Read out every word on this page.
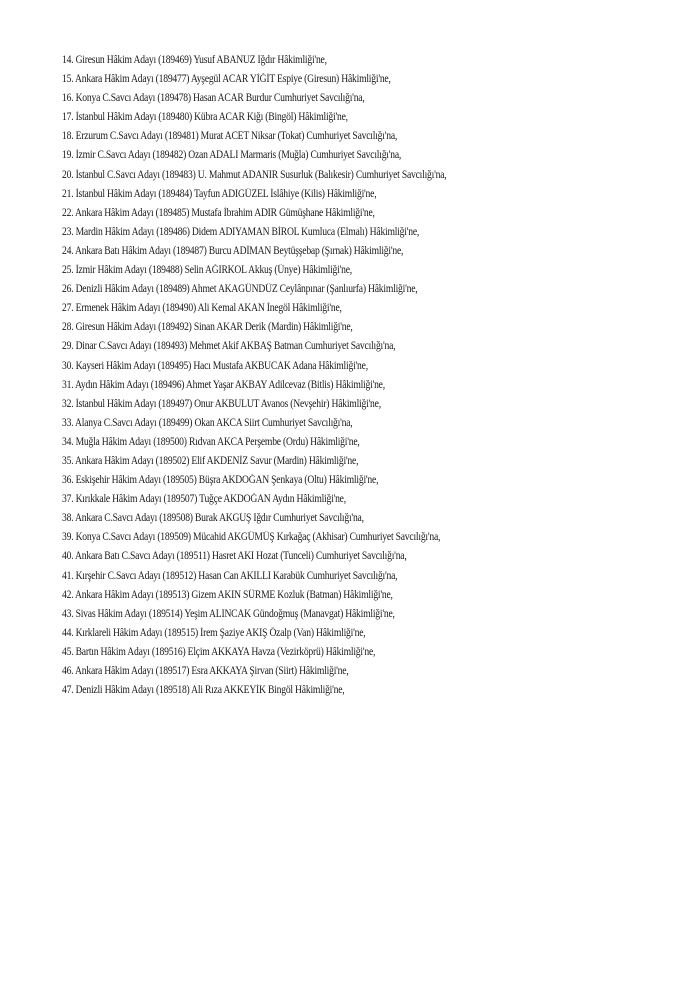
14. Giresun Hâkim Adayı (189469) Yusuf ABANUZ Iğdır Hâkimliği'ne,
15. Ankara Hâkim Adayı (189477) Ayşegül ACAR YİĞİT Espiye (Giresun) Hâkimliği'ne,
16. Konya C.Savcı Adayı (189478) Hasan ACAR Burdur Cumhuriyet Savcılığı'na,
17. İstanbul Hâkim Adayı (189480) Kübra ACAR Kiğı (Bingöl) Hâkimliği'ne,
18. Erzurum C.Savcı Adayı (189481) Murat ACET Niksar (Tokat) Cumhuriyet Savcılığı'na,
19. İzmir C.Savcı Adayı (189482) Ozan ADALI Marmaris (Muğla) Cumhuriyet Savcılığı'na,
20. İstanbul C.Savcı Adayı (189483) U. Mahmut ADANIR Susurluk (Balıkesir) Cumhuriyet Savcılığı'na,
21. İstanbul Hâkim Adayı (189484) Tayfun ADIGÜZEL İslâhiye (Kilis) Hâkimliği'ne,
22. Ankara Hâkim Adayı (189485) Mustafa İbrahim ADIR Gümüşhane Hâkimliği'ne,
23. Mardin Hâkim Adayı (189486) Didem ADIYAMAN BİROL Kumluca (Elmalı) Hâkimliği'ne,
24. Ankara Batı Hâkim Adayı (189487) Burcu ADİMAN Beytüşşebap (Şırnak) Hâkimliği'ne,
25. İzmir Hâkim Adayı (189488) Selin AĞIRKOL Akkuş (Ünye) Hâkimliği'ne,
26. Denizli Hâkim Adayı (189489) Ahmet AKAGÜNDÜZ Ceylânpınar (Şanlıurfa) Hâkimliği'ne,
27. Ermenek Hâkim Adayı (189490) Ali Kemal AKAN İnegöl Hâkimliği'ne,
28. Giresun Hâkim Adayı (189492) Sinan AKAR Derik (Mardin) Hâkimliği'ne,
29. Dinar C.Savcı Adayı (189493) Mehmet Akif AKBAŞ Batman Cumhuriyet Savcılığı'na,
30. Kayseri Hâkim Adayı (189495) Hacı Mustafa AKBUCAK Adana Hâkimliği'ne,
31. Aydın Hâkim Adayı (189496) Ahmet Yaşar AKBAY Adilcevaz (Bitlis) Hâkimliği'ne,
32. İstanbul Hâkim Adayı (189497) Onur AKBULUT Avanos (Nevşehir) Hâkimliği'ne,
33. Alanya C.Savcı Adayı (189499) Okan AKCA Siirt Cumhuriyet Savcılığı'na,
34. Muğla Hâkim Adayı (189500) Rıdvan AKCA Perşembe (Ordu) Hâkimliği'ne,
35. Ankara Hâkim Adayı (189502) Elif AKDENİZ Savur (Mardin) Hâkimliği'ne,
36. Eskişehir Hâkim Adayı (189505) Büşra AKDOĞAN Şenkaya (Oltu) Hâkimliği'ne,
37. Kırıkkale Hâkim Adayı (189507) Tuğçe AKDOĞAN Aydın Hâkimliği'ne,
38. Ankara C.Savcı Adayı (189508) Burak AKGUŞ Iğdır Cumhuriyet Savcılığı'na,
39. Konya C.Savcı Adayı (189509) Mücahid AKGÜMÜŞ Kırkağaç (Akhisar) Cumhuriyet Savcılığı'na,
40. Ankara Batı C.Savcı Adayı (189511) Hasret AKI Hozat (Tunceli) Cumhuriyet Savcılığı'na,
41. Kırşehir C.Savcı Adayı (189512) Hasan Can AKILLI Karabük Cumhuriyet Savcılığı'na,
42. Ankara Hâkim Adayı (189513) Gizem AKIN SÜRME Kozluk (Batman) Hâkimliği'ne,
43. Sivas Hâkim Adayı (189514) Yeşim ALINCAK Gündoğmuş (Manavgat) Hâkimliği'ne,
44. Kırklareli Hâkim Adayı (189515) İrem Şaziye AKIŞ Özalp (Van) Hâkimliği'ne,
45. Bartın Hâkim Adayı (189516) Elçim AKKAYA Havza (Vezirköprü) Hâkimliği'ne,
46. Ankara Hâkim Adayı (189517) Esra AKKAYA Şirvan (Siirt) Hâkimliği'ne,
47. Denizli Hâkim Adayı (189518) Ali Rıza AKKEYİK Bingöl Hâkimliği'ne,
